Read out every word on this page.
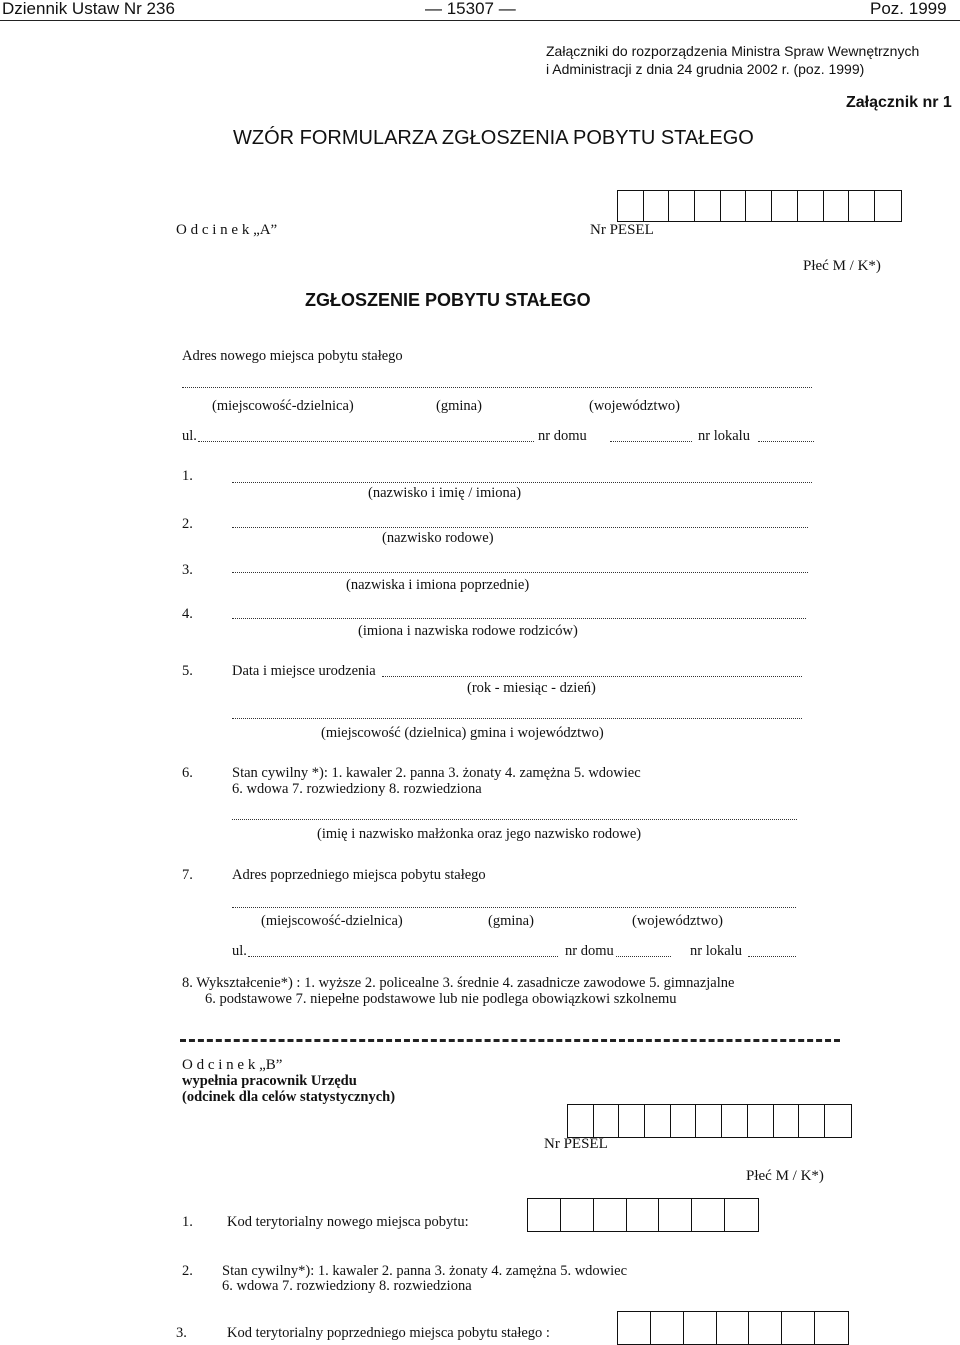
Dziennik Ustaw Nr 236	— 15307 —	Poz. 1999
Załączniki do rozporządzenia Ministra Spraw Wewnętrznych
i Administracji z dnia 24 grudnia 2002 r. (poz. 1999)
Załącznik nr 1
WZÓR FORMULARZA ZGŁOSZENIA POBYTU STAŁEGO
O d c i n e k „A”	Nr PESEL
Płeć M / K*)
ZGŁOSZENIE POBYTU STAŁEGO
Adres nowego miejsca pobytu stałego
(miejscowość-dzielnica)	(gmina)	(województwo)
ul.	nr domu	nr lokalu
1.
(nazwisko i imię / imiona)
2.
(nazwisko rodowe)
3.
(nazwiska i imiona poprzednie)
4.
(imiona i nazwiska rodowe rodziców)
5.	Data i miejsce urodzenia
(rok - miesiąc - dzień)
(miejscowość (dzielnica) gmina i województwo)
6.	Stan cywilny *): 1. kawaler 2. panna 3. żonaty 4. zamężna 5. wdowiec
6. wdowa 7. rozwiedziony 8. rozwiedziona
(imię i nazwisko małżonka oraz jego nazwisko rodowe)
7.	Adres poprzedniego miejsca pobytu stałego
(miejscowość-dzielnica)	(gmina)	(województwo)
ul.	nr domu	nr lokalu
8. Wykształcenie*) : 1. wyższe 2. policealne 3. średnie 4. zasadnicze zawodowe 5. gimnazjalne
6. podstawowe 7. niepełne podstawowe lub nie podlega obowiązkowi szkolnemu
O d c i n e k „B”
wypełnia pracownik Urzędu
(odcinek dla celów statystycznych)
Nr PESEL
Płeć M / K*)
1. Kod terytorialny nowego miejsca pobytu:
2. Stan cywilny*): 1. kawaler 2. panna 3. żonaty 4. zamężna 5. wdowiec
6. wdowa 7. rozwiedziony 8. rozwiedziona
3.	Kod terytorialny poprzedniego miejsca pobytu stałego :
